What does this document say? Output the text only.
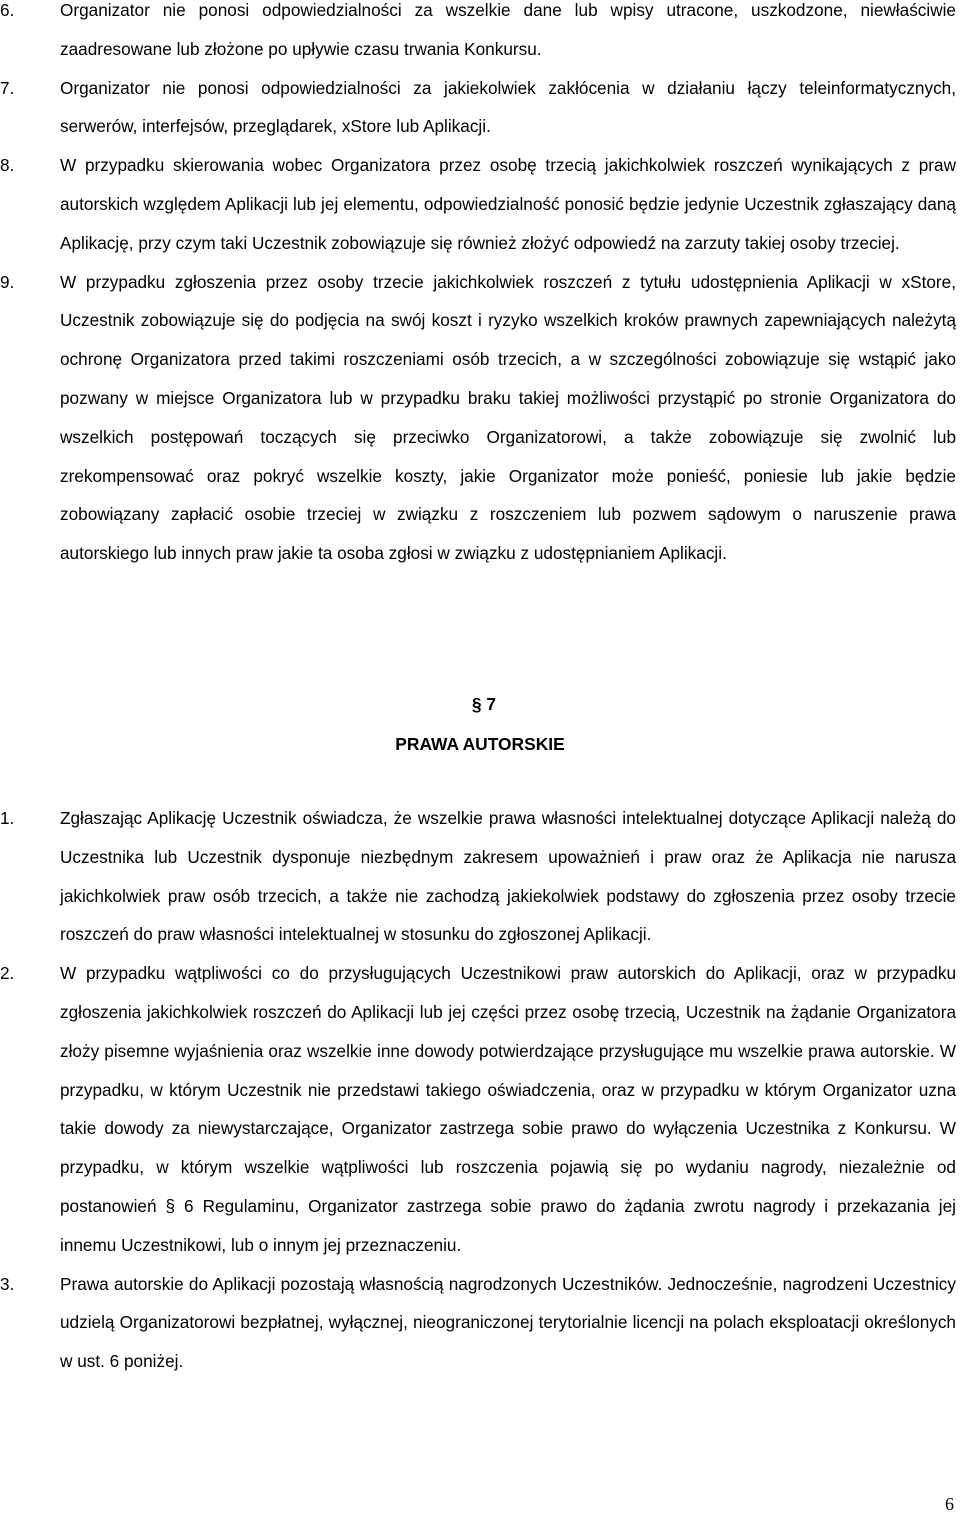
6.	Organizator nie ponosi odpowiedzialności za wszelkie dane lub wpisy utracone, uszkodzone, niewłaściwie zaadresowane lub złożone po upływie czasu trwania Konkursu.

7.	Organizator nie ponosi odpowiedzialności za jakiekolwiek zakłócenia w działaniu łączy teleinformatycznych, serwerów, interfejsów, przeglądarek, xStore lub Aplikacji.

8.	W przypadku skierowania wobec Organizatora przez osobę trzecią jakichkolwiek roszczeń wynikających z praw autorskich względem Aplikacji lub jej elementu, odpowiedzialność ponosić będzie jedynie Uczestnik zgłaszający daną Aplikację, przy czym taki Uczestnik zobowiązuje się również złożyć odpowiedź na zarzuty takiej osoby trzeciej.

9.	W przypadku zgłoszenia przez osoby trzecie jakichkolwiek roszczeń z tytułu udostępnienia Aplikacji w xStore, Uczestnik zobowiązuje się do podjęcia na swój koszt i ryzyko wszelkich kroków prawnych zapewniających należytą ochronę Organizatora przed takimi roszczeniami osób trzecich, a w szczególności zobowiązuje się wstąpić jako pozwany w miejsce Organizatora lub w przypadku braku takiej możliwości przystąpić po stronie Organizatora do wszelkich postępowań toczących się przeciwko Organizatorowi, a także zobowiązuje się zwolnić lub zrekompensować oraz pokryć wszelkie koszty, jakie Organizator może ponieść, poniesie lub jakie będzie zobowiązany zapłacić osobie trzeciej w związku z roszczeniem lub pozwem sądowym o naruszenie prawa autorskiego lub innych praw jakie ta osoba zgłosi w związku z udostępnianiem Aplikacji.

§ 7

PRAWA AUTORSKIE

1.	Zgłaszając Aplikację Uczestnik oświadcza, że wszelkie prawa własności intelektualnej dotyczące Aplikacji należą do Uczestnika lub Uczestnik dysponuje niezbędnym zakresem upoważnień i praw oraz że Aplikacja nie narusza jakichkolwiek praw osób trzecich, a także nie zachodzą jakiekolwiek podstawy do zgłoszenia przez osoby trzecie roszczeń do praw własności intelektualnej w stosunku do zgłoszonej Aplikacji.

2.	W przypadku wątpliwości co do przysługujących Uczestnikowi praw autorskich do Aplikacji, oraz w przypadku zgłoszenia jakichkolwiek roszczeń do Aplikacji lub jej części przez osobę trzecią, Uczestnik na żądanie Organizatora złoży pisemne wyjaśnienia oraz wszelkie inne dowody potwierdzające przysługujące mu wszelkie prawa autorskie. W przypadku, w którym Uczestnik nie przedstawi takiego oświadczenia, oraz w przypadku w którym Organizator uzna takie dowody za niewystarczające, Organizator zastrzega sobie prawo do wyłączenia Uczestnika z Konkursu. W przypadku, w którym wszelkie wątpliwości lub roszczenia pojawią się po wydaniu nagrody, niezależnie od postanowień § 6 Regulaminu, Organizator zastrzega sobie prawo do żądania zwrotu nagrody i przekazania jej innemu Uczestnikowi, lub o innym jej przeznaczeniu.

3.	Prawa autorskie do Aplikacji pozostają własnością nagrodzonych Uczestników. Jednocześnie, nagrodzeni Uczestnicy udzielą Organizatorowi bezpłatnej, wyłącznej, nieograniczonej terytorialnie licencji na polach eksploatacji określonych w ust. 6 poniżej.

6
